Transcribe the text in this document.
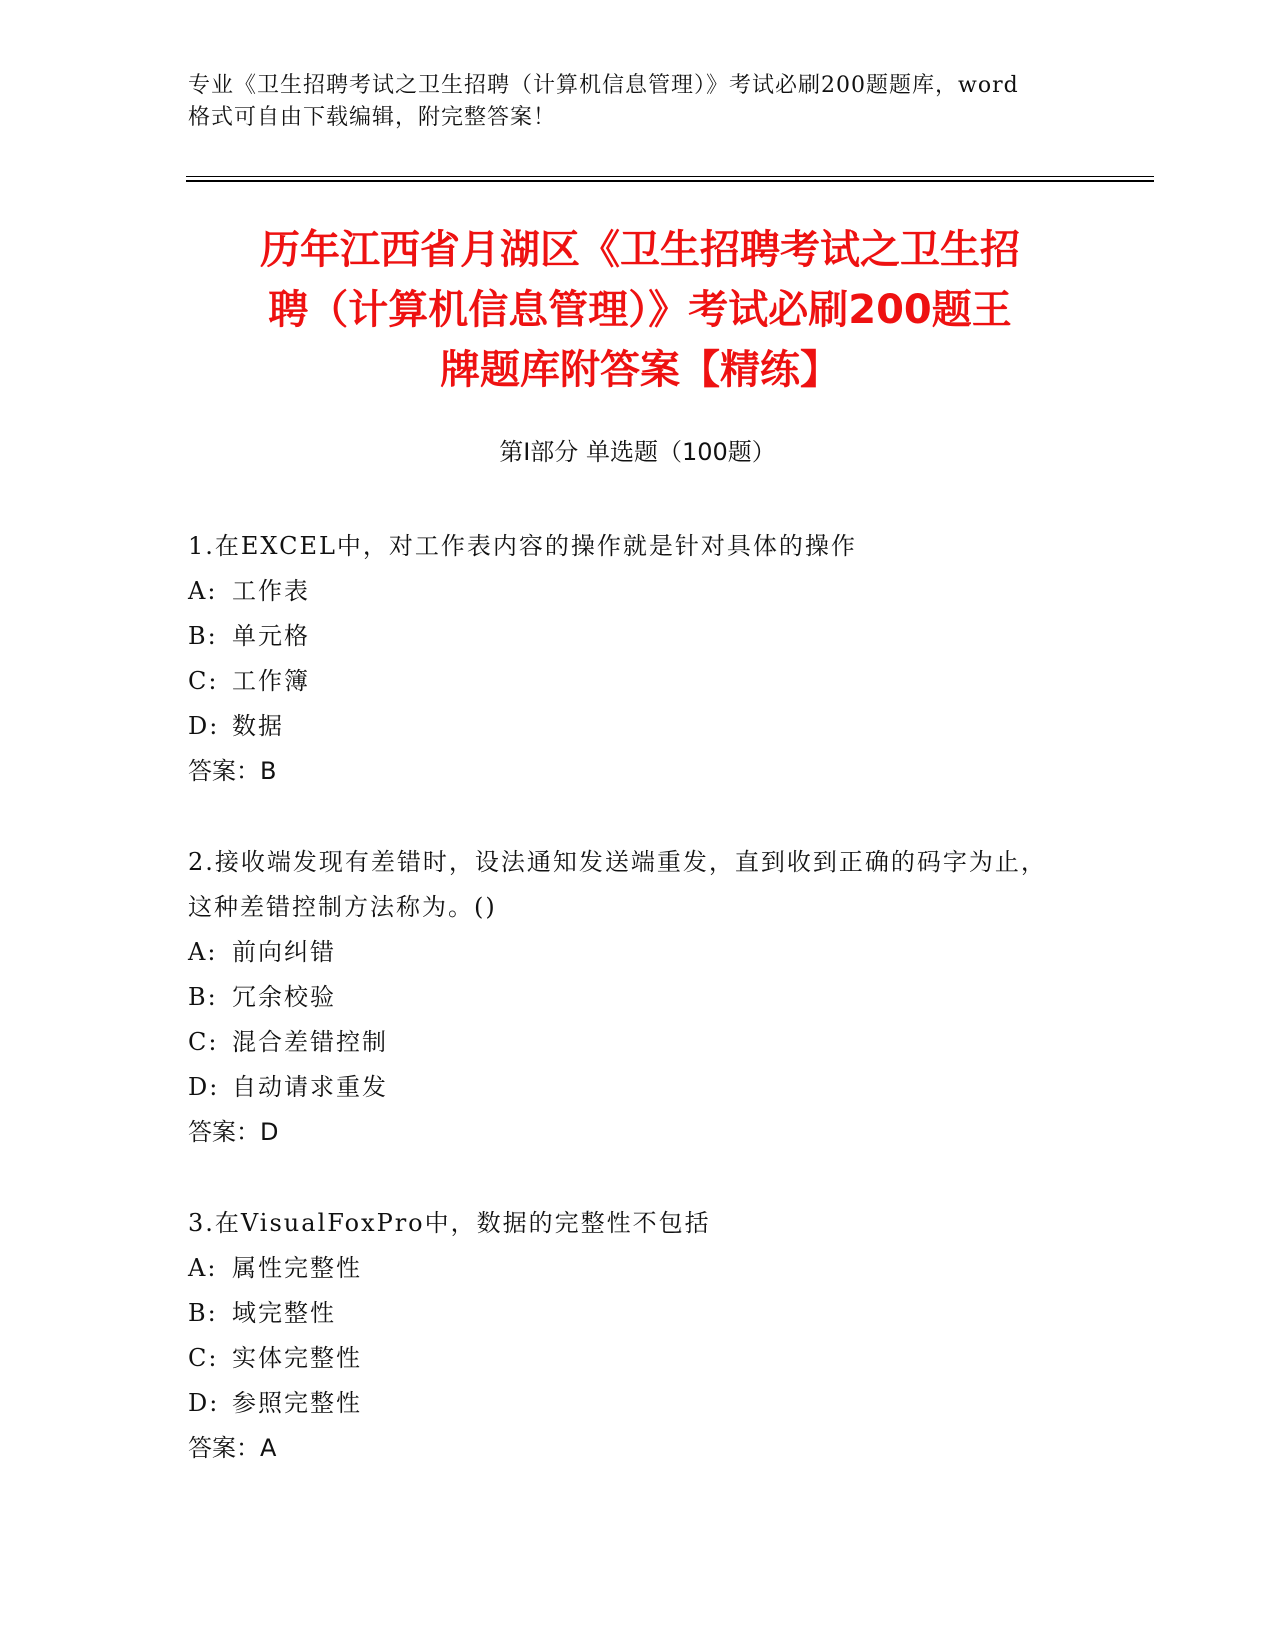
专业《卫生招聘考试之卫生招聘（计算机信息管理）》考试必刷200题题库，word
格式可自由下载编辑，附完整答案！
历年江西省月湖区《卫生招聘考试之卫生招
聘（计算机信息管理）》考试必刷200题王
牌题库附答案【精练】
第Ⅰ部分 单选题（100题）
1.在EXCEL中，对工作表内容的操作就是针对具体的操作
A: 工作表
B: 单元格
C: 工作簿
D: 数据
答案：B
2.接收端发现有差错时，设法通知发送端重发，直到收到正确的码字为止，这种差错控制方法称为。()
A: 前向纠错
B: 冗余校验
C: 混合差错控制
D: 自动请求重发
答案：D
3.在VisualFoxPro中，数据的完整性不包括
A: 属性完整性
B: 域完整性
C: 实体完整性
D: 参照完整性
答案：A
